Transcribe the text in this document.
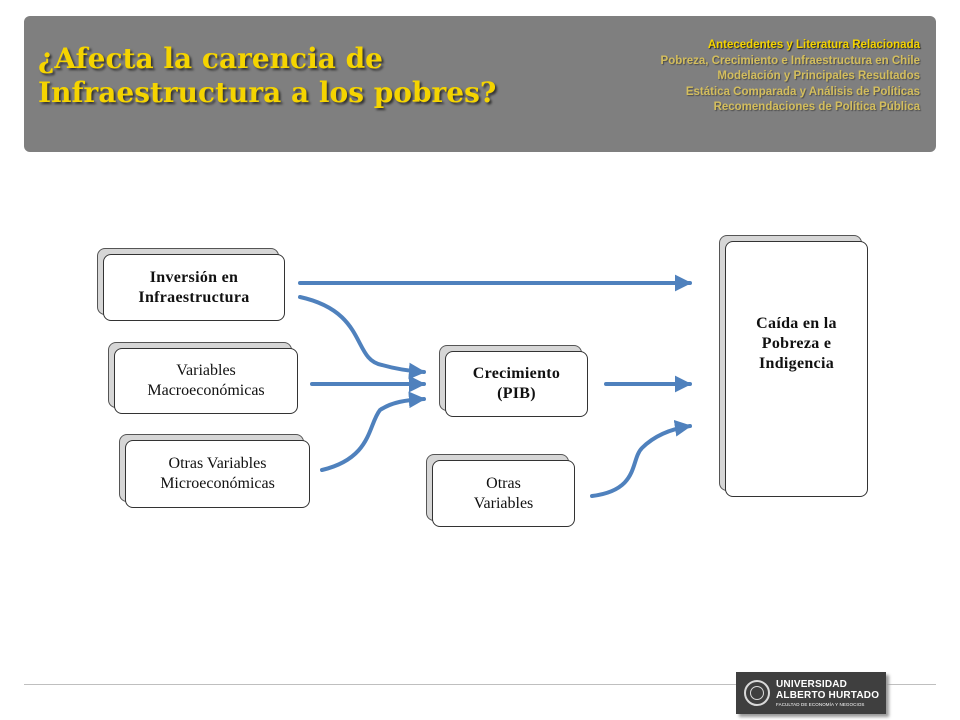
¿Afecta la carencia de Infraestructura a los pobres?
Antecedentes y Literatura Relacionada
Pobreza, Crecimiento e Infraestructura en Chile
Modelación y Principales Resultados
Estática Comparada y Análisis de Políticas
Recomendaciones de Política Pública
Inversión en
Infraestructura
Variables
Macroeconómicas
Otras Variables
Microeconómicas
Crecimiento
(PIB)
Otras
Variables
Caída en la
Pobreza e
Indigencia
UNIVERSIDAD
ALBERTO HURTADO
FACULTAD DE ECONOMÍA Y NEGOCIOS
